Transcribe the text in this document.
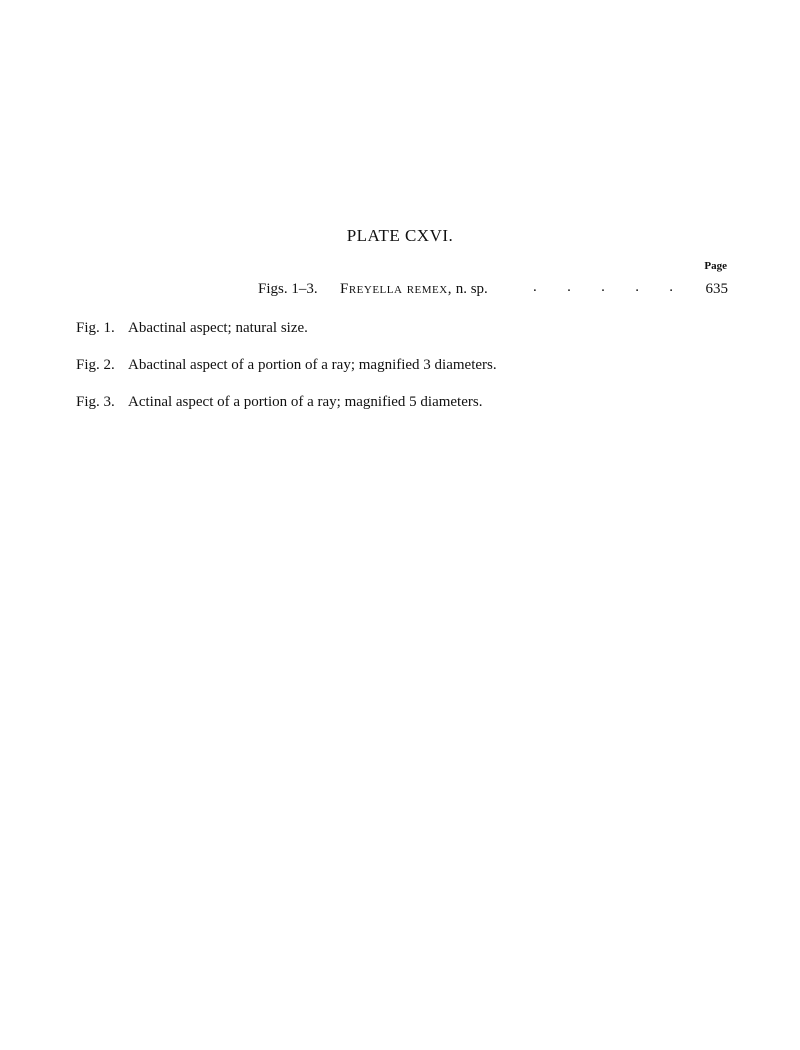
PLATE CXVI.
Page
Figs. 1–3. Freyella remex, n. sp.	. . . . . 635
Fig. 1. Abactinal aspect; natural size.
Fig. 2. Abactinal aspect of a portion of a ray; magnified 3 diameters.
Fig. 3. Actinal aspect of a portion of a ray; magnified 5 diameters.
